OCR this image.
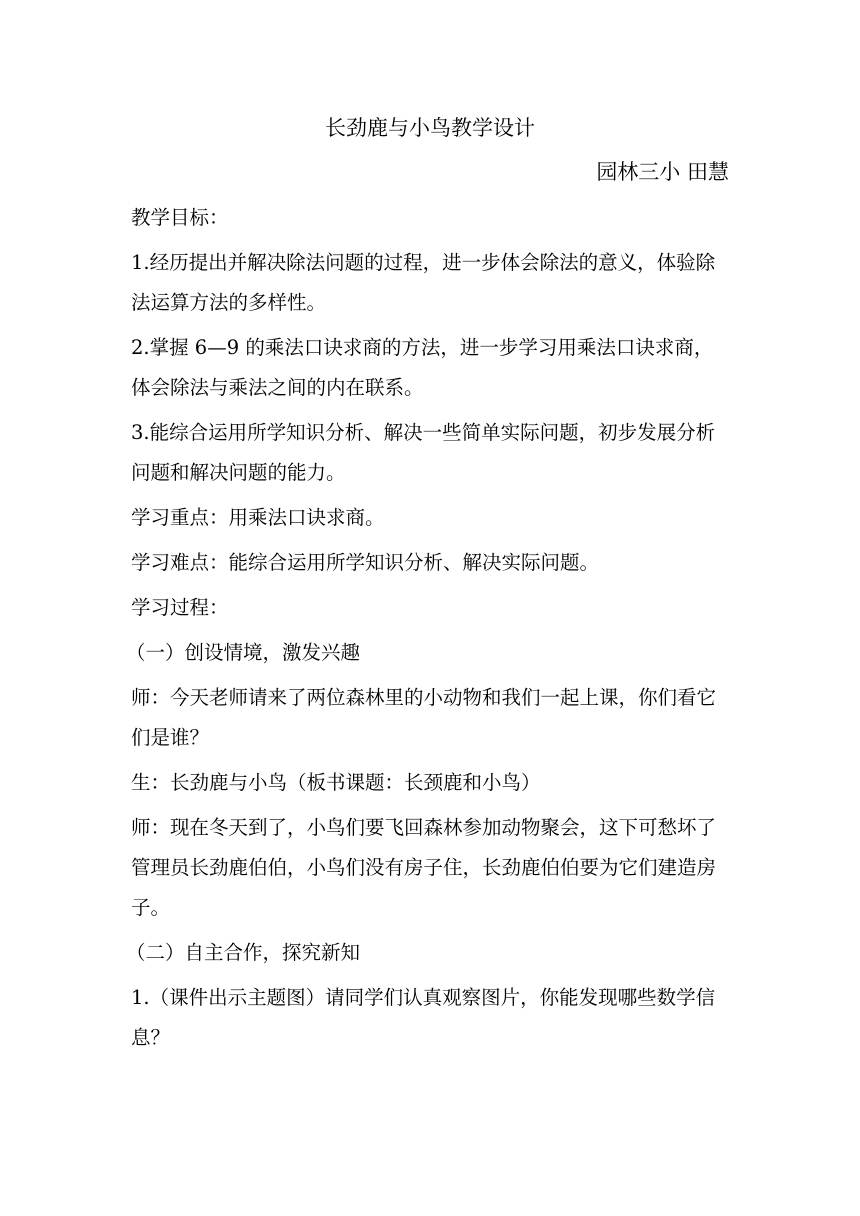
长劲鹿与小鸟教学设计
园林三小 田慧
教学目标：
1.经历提出并解决除法问题的过程，进一步体会除法的意义，体验除
法运算方法的多样性。
2.掌握 6—9 的乘法口诀求商的方法，进一步学习用乘法口诀求商，
体会除法与乘法之间的内在联系。
3.能综合运用所学知识分析、解决一些简单实际问题，初步发展分析
问题和解决问题的能力。
学习重点：用乘法口诀求商。
学习难点：能综合运用所学知识分析、解决实际问题。
学习过程：
（一）创设情境，激发兴趣
师：今天老师请来了两位森林里的小动物和我们一起上课，你们看它
们是谁？
生：长劲鹿与小鸟（板书课题：长颈鹿和小鸟）
师：现在冬天到了，小鸟们要飞回森林参加动物聚会，这下可愁坏了
管理员长劲鹿伯伯，小鸟们没有房子住，长劲鹿伯伯要为它们建造房
子。
（二）自主合作，探究新知
1.（课件出示主题图）请同学们认真观察图片，你能发现哪些数学信
息？
